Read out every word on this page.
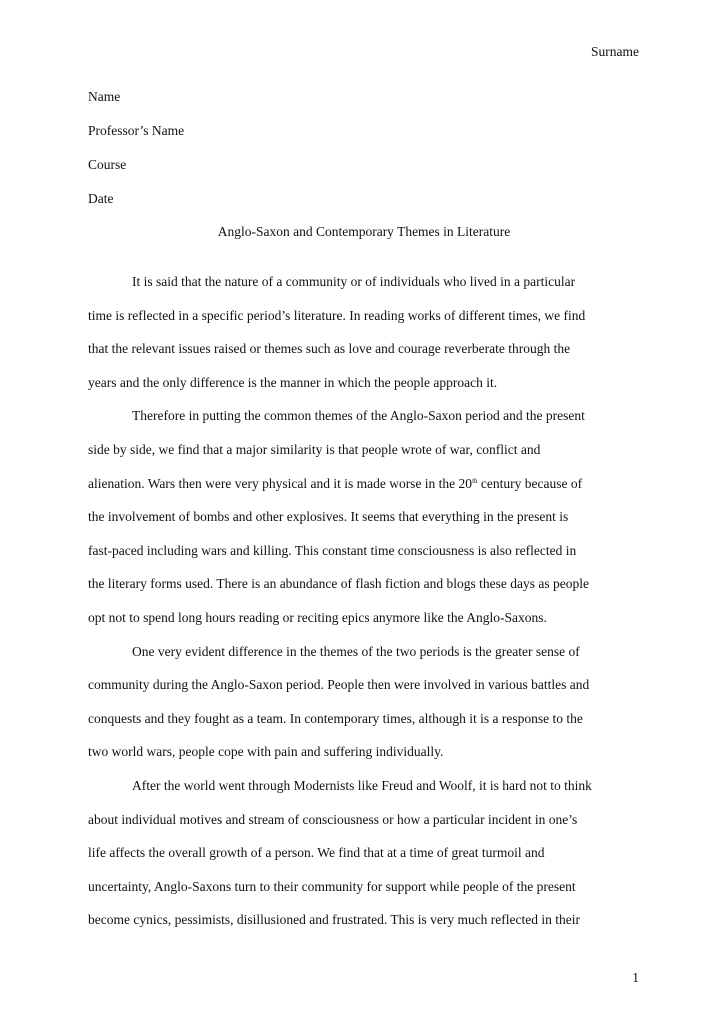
Surname
Name
Professor’s Name
Course
Date
Anglo-Saxon and Contemporary Themes in Literature
It is said that the nature of a community or of individuals who lived in a particular
time is reflected in a specific period’s literature. In reading works of different times, we find
that the relevant issues raised or themes such as love and courage reverberate through the
years and the only difference is the manner in which the people approach it.
Therefore in putting the common themes of the Anglo-Saxon period and the present
side by side, we find that a major similarity is that people wrote of war, conflict and
alienation. Wars then were very physical and it is made worse in the 20th century because of
the involvement of bombs and other explosives. It seems that everything in the present is
fast-paced including wars and killing. This constant time consciousness is also reflected in
the literary forms used. There is an abundance of flash fiction and blogs these days as people
opt not to spend long hours reading or reciting epics anymore like the Anglo-Saxons.
One very evident difference in the themes of the two periods is the greater sense of
community during the Anglo-Saxon period. People then were involved in various battles and
conquests and they fought as a team. In contemporary times, although it is a response to the
two world wars, people cope with pain and suffering individually.
After the world went through Modernists like Freud and Woolf, it is hard not to think
about individual motives and stream of consciousness or how a particular incident in one’s
life affects the overall growth of a person. We find that at a time of great turmoil and
uncertainty, Anglo-Saxons turn to their community for support while people of the present
become cynics, pessimists, disillusioned and frustrated. This is very much reflected in their
1
